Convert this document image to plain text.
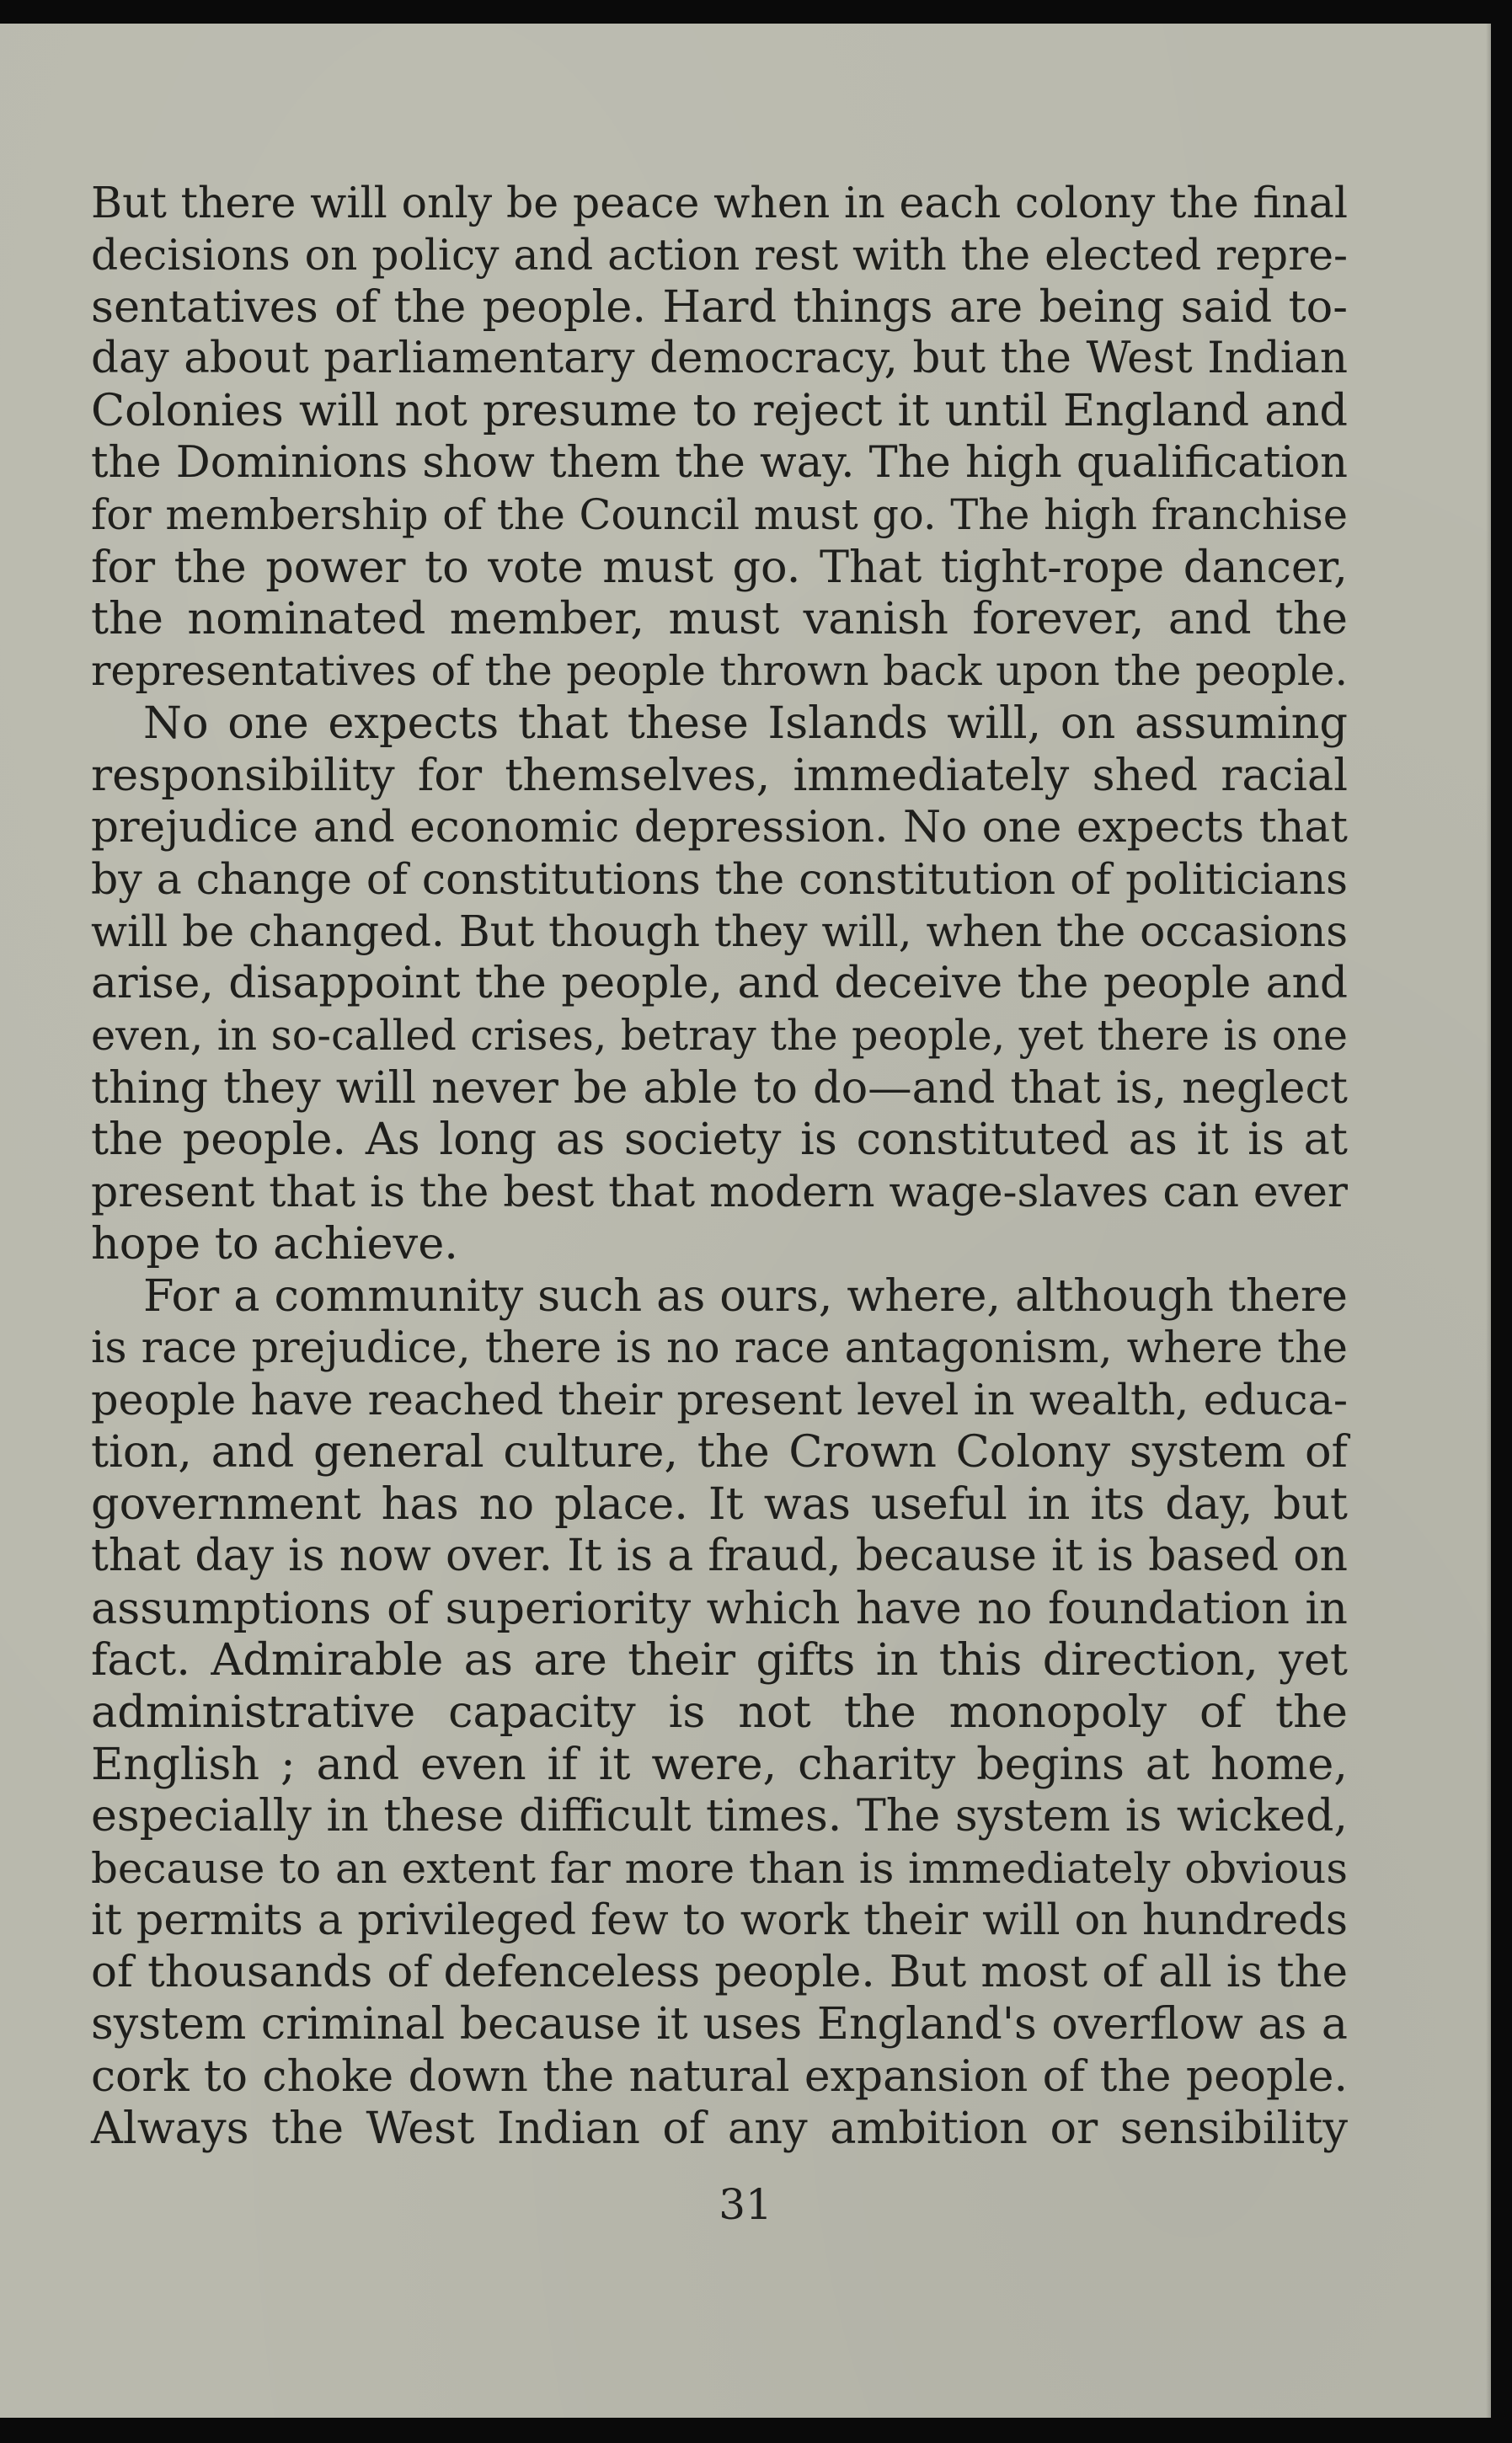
But there will only be peace when in each colony the final
decisions on policy and action rest with the elected repre-
sentatives of the people. Hard things are being said to-
day about parliamentary democracy, but the West Indian
Colonies will not presume to reject it until England and
the Dominions show them the way. The high qualification
for membership of the Council must go. The high franchise
for the power to vote must go. That tight-rope dancer,
the nominated member, must vanish forever, and the
representatives of the people thrown back upon the people.
No one expects that these Islands will, on assuming
responsibility for themselves, immediately shed racial
prejudice and economic depression. No one expects that
by a change of constitutions the constitution of politicians
will be changed. But though they will, when the occasions
arise, disappoint the people, and deceive the people and
even, in so-called crises, betray the people, yet there is one
thing they will never be able to do—and that is, neglect
the people. As long as society is constituted as it is at
present that is the best that modern wage-slaves can ever
hope to achieve.
For a community such as ours, where, although there
is race prejudice, there is no race antagonism, where the
people have reached their present level in wealth, educa-
tion, and general culture, the Crown Colony system of
government has no place. It was useful in its day, but
that day is now over. It is a fraud, because it is based on
assumptions of superiority which have no foundation in
fact. Admirable as are their gifts in this direction, yet
administrative capacity is not the monopoly of the
English ; and even if it were, charity begins at home,
especially in these difficult times. The system is wicked,
because to an extent far more than is immediately obvious
it permits a privileged few to work their will on hundreds
of thousands of defenceless people. But most of all is the
system criminal because it uses England's overflow as a
cork to choke down the natural expansion of the people.
Always the West Indian of any ambition or sensibility
31
